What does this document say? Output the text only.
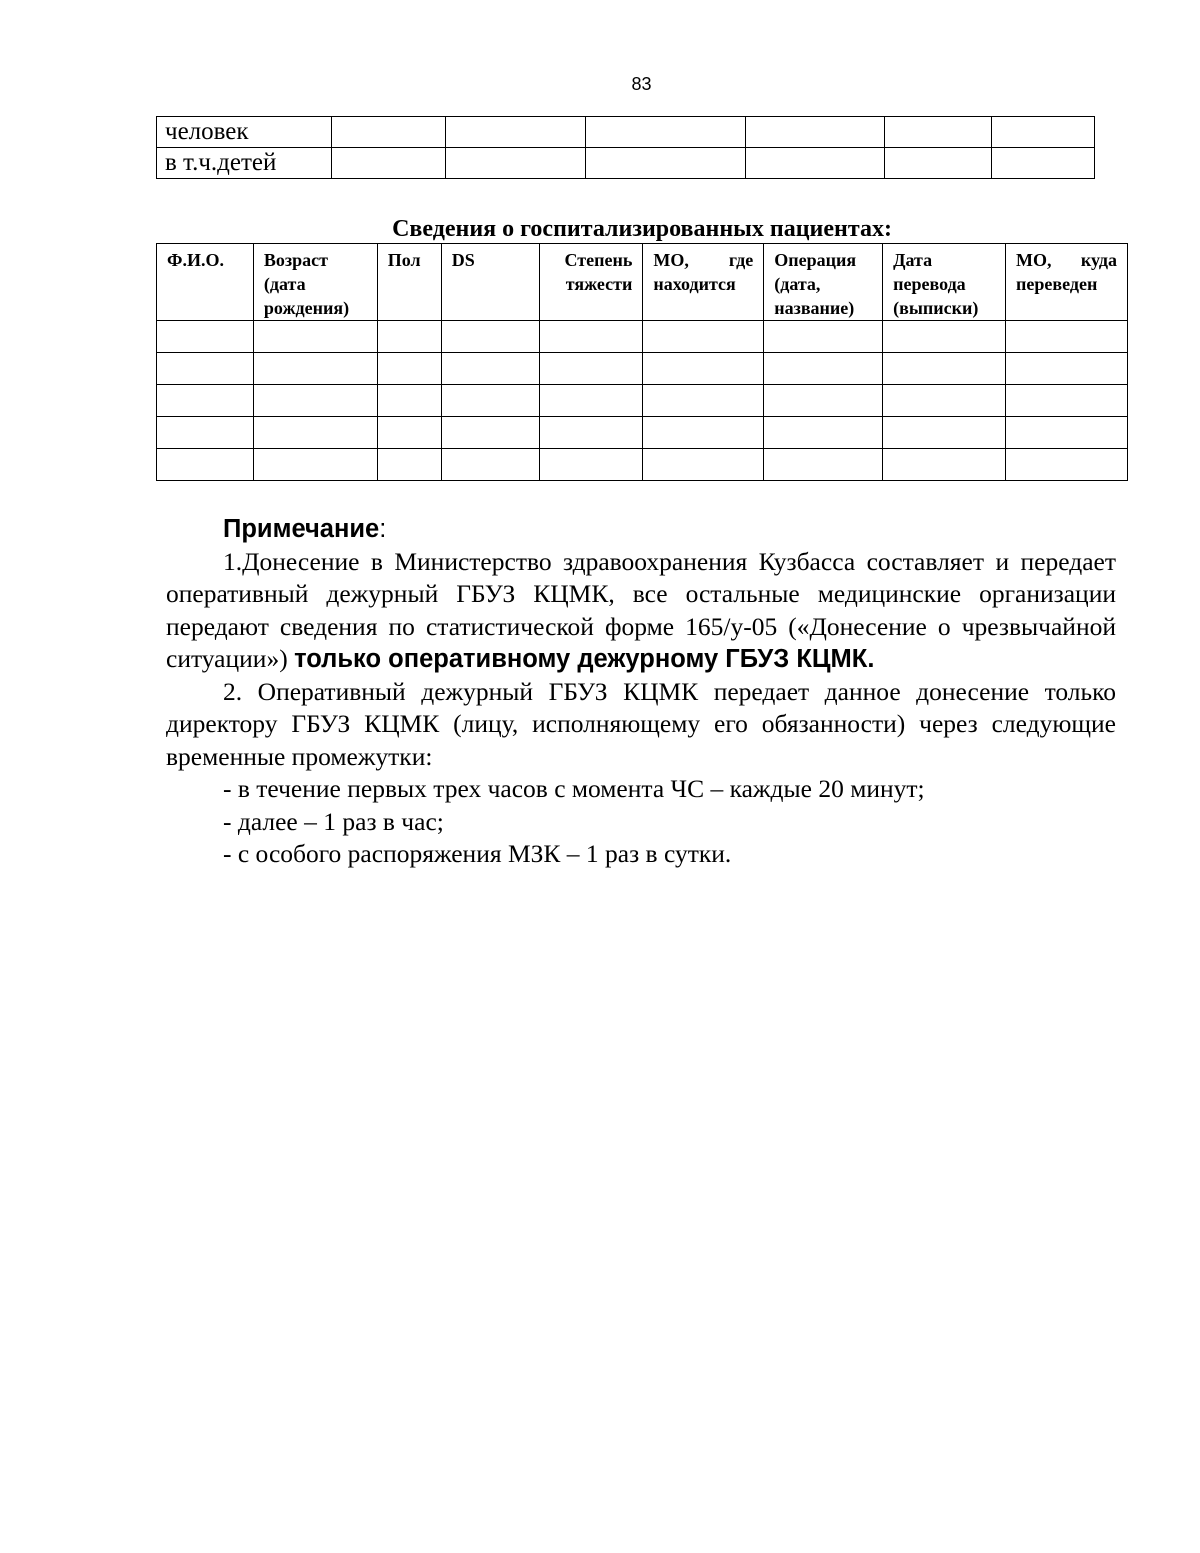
83
человек						
в т.ч.детей						
Сведения о госпитализированных пациентах:
Ф.И.О.	Возраст (дата рождения)	Пол	DS	Степень тяжести	МО, где находится	Операция (дата, название)	Дата перевода (выписки)	МО, куда переведен

Примечание:

1.Донесение в Министерство здравоохранения Кузбасса составляет и передает оперативный дежурный ГБУЗ КЦМК, все остальные медицинские организации передают сведения по статистической форме 165/у-05 («Донесение о чрезвычайной ситуации») только оперативному дежурному ГБУЗ КЦМК.

2. Оперативный дежурный ГБУЗ КЦМК передает данное донесение только директору ГБУЗ КЦМК (лицу, исполняющему его обязанности) через следующие временные промежутки:

- в течение первых трех часов с момента ЧС – каждые 20 минут;

- далее – 1 раз в час;

- с особого распоряжения МЗК – 1 раз в сутки.
